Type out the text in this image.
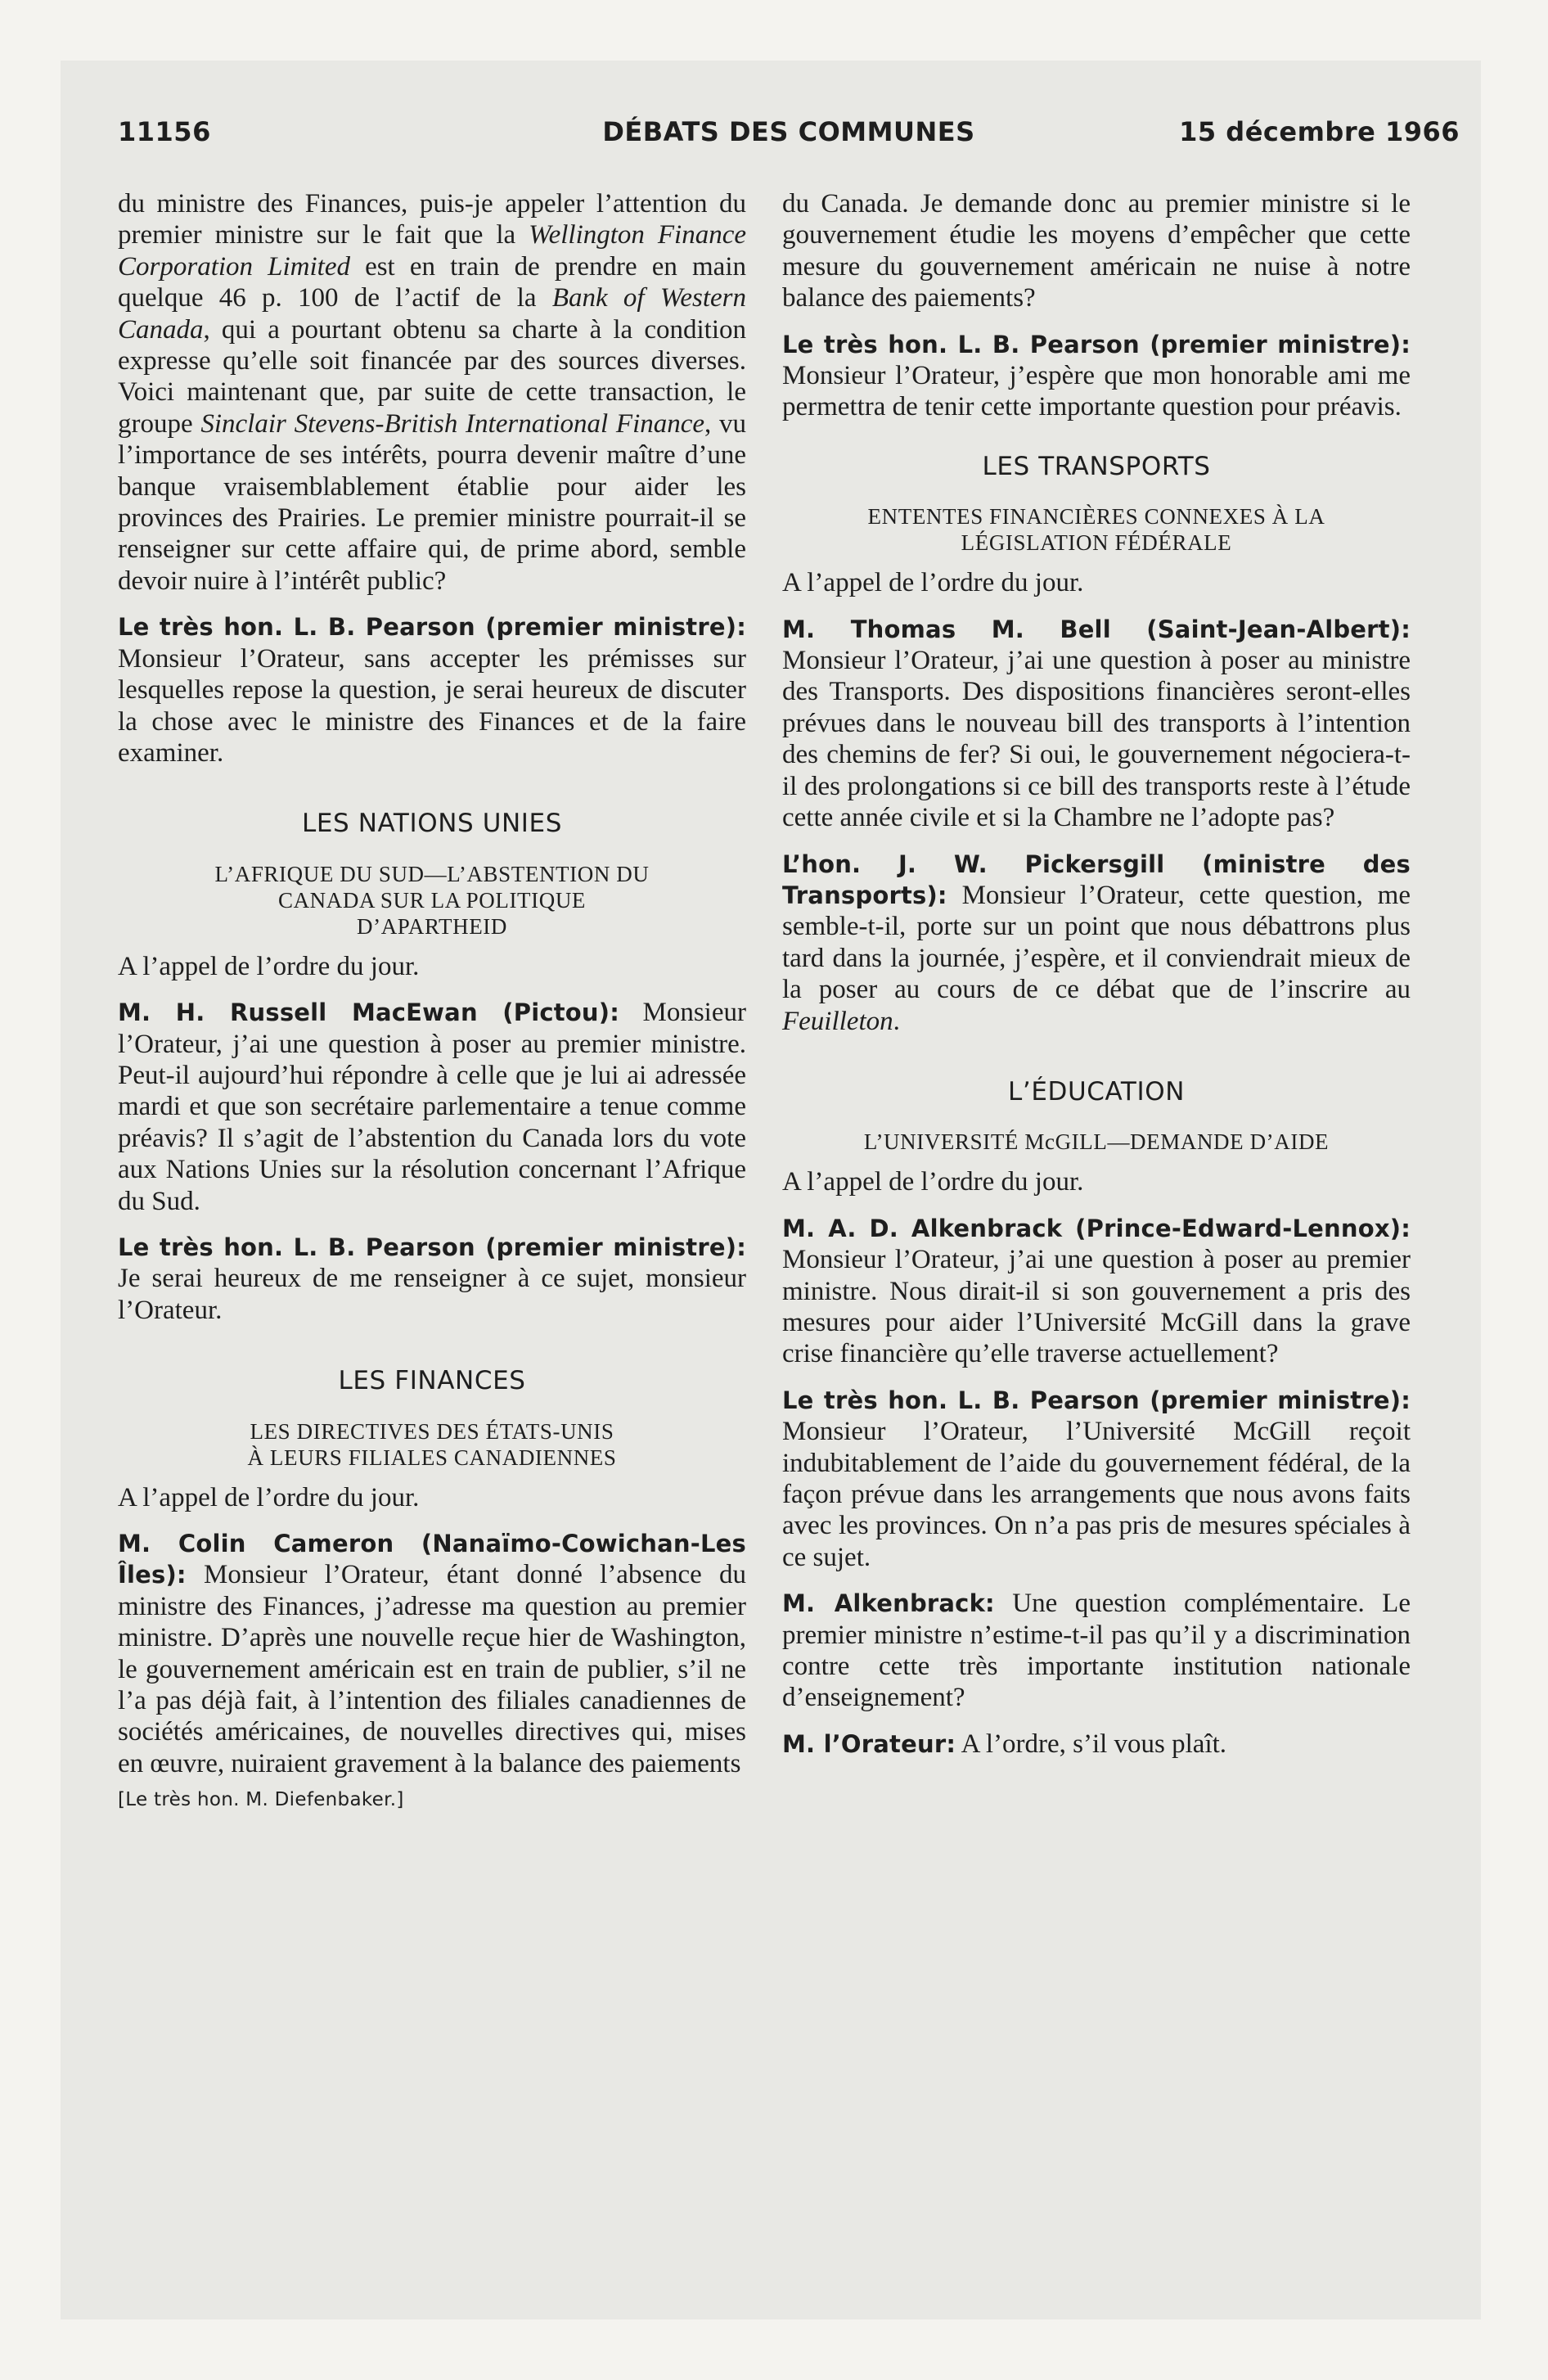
11156	DÉBATS DES COMMUNES	15 décembre 1966

du ministre des Finances, puis-je appeler l’attention du premier ministre sur le fait que la Wellington Finance Corporation Limited est en train de prendre en main quelque 46 p. 100 de l’actif de la Bank of Western Canada, qui a pourtant obtenu sa charte à la condition expresse qu’elle soit financée par des sources diverses. Voici maintenant que, par suite de cette transaction, le groupe Sinclair Stevens-British International Finance, vu l’importance de ses intérêts, pourra devenir maître d’une banque vraisemblablement établie pour aider les provinces des Prairies. Le premier ministre pourrait-il se renseigner sur cette affaire qui, de prime abord, semble devoir nuire à l’intérêt public?

Le très hon. L. B. Pearson (premier ministre): Monsieur l’Orateur, sans accepter les prémisses sur lesquelles repose la question, je serai heureux de discuter la chose avec le ministre des Finances et de la faire examiner.

LES NATIONS UNIES
L’AFRIQUE DU SUD—L’ABSTENTION DU
CANADA SUR LA POLITIQUE
D’APARTHEID

A l’appel de l’ordre du jour.

M. H. Russell MacEwan (Pictou): Monsieur l’Orateur, j’ai une question à poser au premier ministre. Peut-il aujourd’hui répondre à celle que je lui ai adressée mardi et que son secrétaire parlementaire a tenue comme préavis? Il s’agit de l’abstention du Canada lors du vote aux Nations Unies sur la résolution concernant l’Afrique du Sud.

Le très hon. L. B. Pearson (premier ministre): Je serai heureux de me renseigner à ce sujet, monsieur l’Orateur.

LES FINANCES
LES DIRECTIVES DES ÉTATS-UNIS
À LEURS FILIALES CANADIENNES

A l’appel de l’ordre du jour.

M. Colin Cameron (Nanaïmo-Cowichan-Les Îles): Monsieur l’Orateur, étant donné l’absence du ministre des Finances, j’adresse ma question au premier ministre. D’après une nouvelle reçue hier de Washington, le gouvernement américain est en train de publier, s’il ne l’a pas déjà fait, à l’intention des filiales canadiennes de sociétés américaines, de nouvelles directives qui, mises en œuvre, nuiraient gravement à la balance des paiements

[Le très hon. M. Diefenbaker.]

du Canada. Je demande donc au premier ministre si le gouvernement étudie les moyens d’empêcher que cette mesure du gouvernement américain ne nuise à notre balance des paiements?

Le très hon. L. B. Pearson (premier ministre): Monsieur l’Orateur, j’espère que mon honorable ami me permettra de tenir cette importante question pour préavis.

LES TRANSPORTS
ENTENTES FINANCIÈRES CONNEXES À LA
LÉGISLATION FÉDÉRALE

A l’appel de l’ordre du jour.

M. Thomas M. Bell (Saint-Jean-Albert): Monsieur l’Orateur, j’ai une question à poser au ministre des Transports. Des dispositions financières seront-elles prévues dans le nouveau bill des transports à l’intention des chemins de fer? Si oui, le gouvernement négociera-t-il des prolongations si ce bill des transports reste à l’étude cette année civile et si la Chambre ne l’adopte pas?

L’hon. J. W. Pickersgill (ministre des Transports): Monsieur l’Orateur, cette question, me semble-t-il, porte sur un point que nous débattrons plus tard dans la journée, j’espère, et il conviendrait mieux de la poser au cours de ce débat que de l’inscrire au Feuilleton.

L’ÉDUCATION
L’UNIVERSITÉ McGILL—DEMANDE D’AIDE

A l’appel de l’ordre du jour.

M. A. D. Alkenbrack (Prince-Edward-Lennox): Monsieur l’Orateur, j’ai une question à poser au premier ministre. Nous dirait-il si son gouvernement a pris des mesures pour aider l’Université McGill dans la grave crise financière qu’elle traverse actuellement?

Le très hon. L. B. Pearson (premier ministre): Monsieur l’Orateur, l’Université McGill reçoit indubitablement de l’aide du gouvernement fédéral, de la façon prévue dans les arrangements que nous avons faits avec les provinces. On n’a pas pris de mesures spéciales à ce sujet.

M. Alkenbrack: Une question complémentaire. Le premier ministre n’estime-t-il pas qu’il y a discrimination contre cette très importante institution nationale d’enseignement?

M. l’Orateur: A l’ordre, s’il vous plaît.
